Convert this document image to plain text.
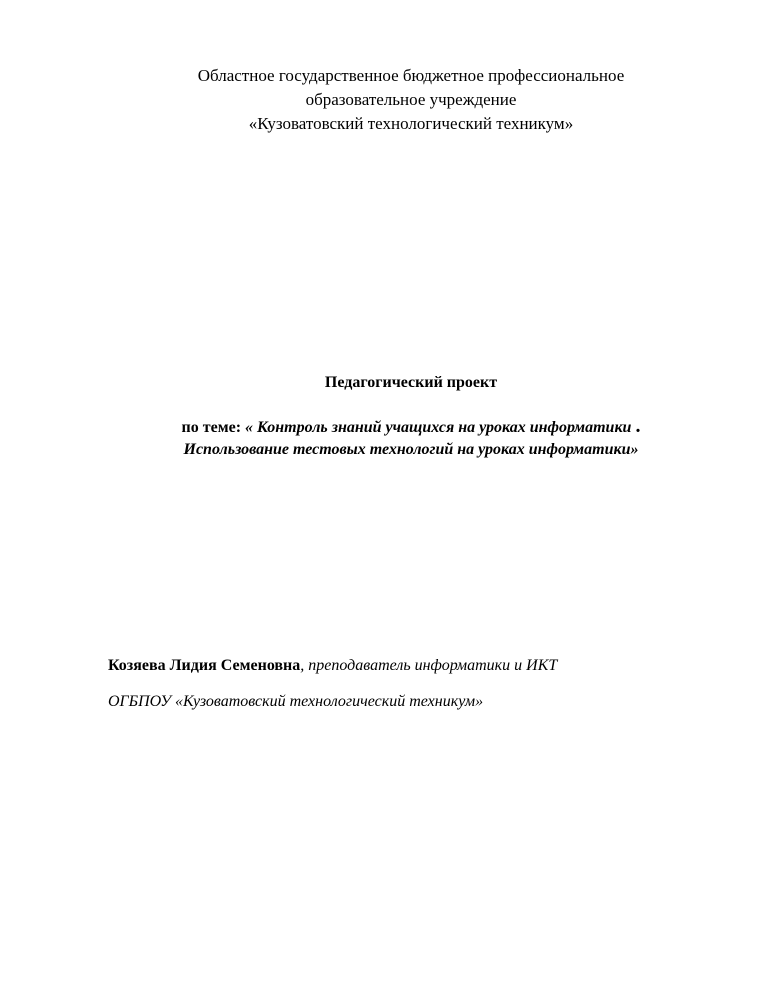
Областное государственное бюджетное профессиональное
образовательное учреждение
«Кузоватовский технологический техникум»
Педагогический проект
по теме: « Контроль знаний учащихся на уроках информатики .
Использование тестовых технологий на уроках информатики»
Козяева Лидия Семеновна, преподаватель информатики и ИКТ
ОГБПОУ «Кузоватовский технологический техникум»
